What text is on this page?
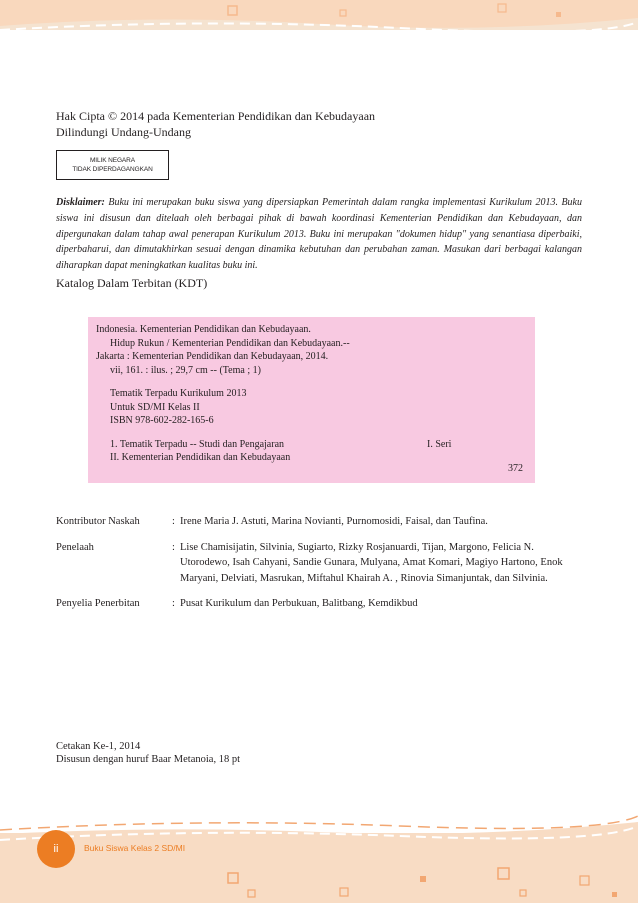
Hak Cipta © 2014 pada Kementerian Pendidikan dan Kebudayaan
Dilindungi Undang-Undang
MILIK NEGARA
TIDAK DIPERDAGANGKAN
Disklaimer: Buku ini merupakan buku siswa yang dipersiapkan Pemerintah dalam rangka implementasi Kurikulum 2013. Buku siswa ini disusun dan ditelaah oleh berbagai pihak di bawah koordinasi Kementerian Pendidikan dan Kebudayaan, dan dipergunakan dalam tahap awal penerapan Kurikulum 2013. Buku ini merupakan "dokumen hidup" yang senantiasa diperbaiki, diperbaharui, dan dimutakhirkan sesuai dengan dinamika kebutuhan dan perubahan zaman. Masukan dari berbagai kalangan diharapkan dapat meningkatkan kualitas buku ini.
Katalog Dalam Terbitan (KDT)
Indonesia. Kementerian Pendidikan dan Kebudayaan.
Hidup Rukun / Kementerian Pendidikan dan Kebudayaan.--
Jakarta : Kementerian Pendidikan dan Kebudayaan, 2014.
vii, 161. : ilus. ; 29,7 cm -- (Tema ; 1)
Tematik Terpadu Kurikulum 2013
Untuk SD/MI Kelas II
ISBN 978-602-282-165-6
1. Tematik Terpadu -- Studi dan Pengajaran	I. Seri
II. Kementerian Pendidikan dan Kebudayaan
372
Kontributor Naskah	: Irene Maria J. Astuti, Marina Novianti, Purnomosidi, Faisal, dan Taufina.
Penelaah	: Lise Chamisijatin, Silvinia, Sugiarto, Rizky Rosjanuardi, Tijan, Margono, Felicia N. Utorodewo, Isah Cahyani, Sandie Gunara, Mulyana, Amat Komari, Magiyo Hartono, Enok Maryani, Delviati, Masrukan, Miftahul Khairah A. , Rinovia Simanjuntak, dan Silvinia.
Penyelia Penerbitan	: Pusat Kurikulum dan Perbukuan, Balitbang, Kemdikbud
Cetakan Ke-1, 2014
Disusun dengan huruf Baar Metanoia, 18 pt
ii	Buku Siswa Kelas 2 SD/MI
